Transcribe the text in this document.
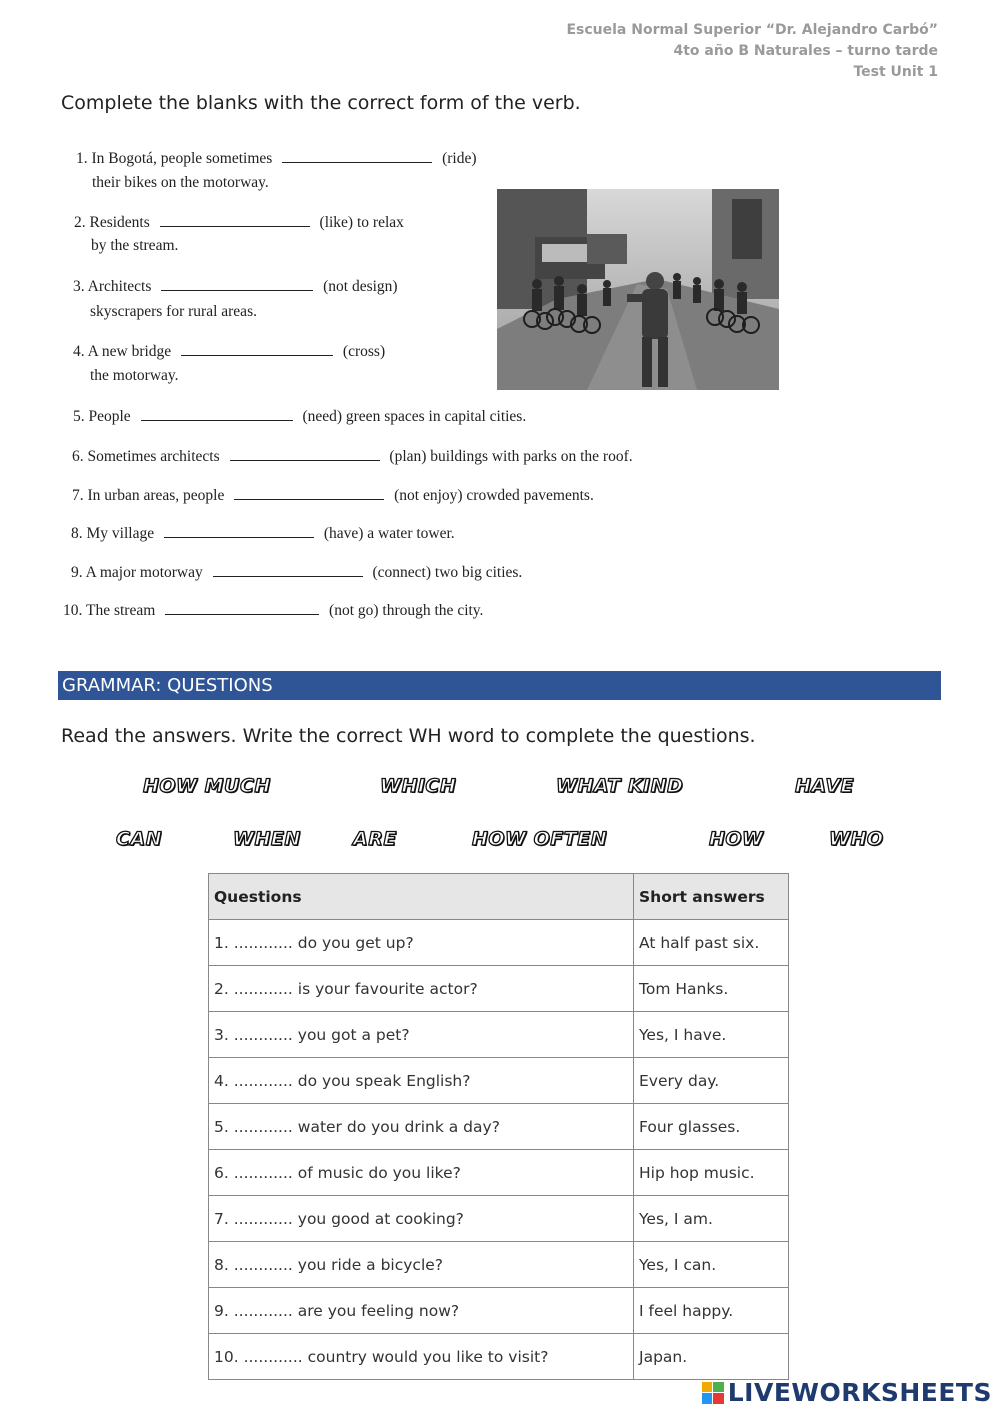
Escuela Normal Superior “Dr. Alejandro Carbó”
4to año B Naturales – turno tarde
Test Unit 1
Complete the blanks with the correct form of the verb.
1. In Bogotá, people sometimes	(ride)
their bikes on the motorway.
2. Residents	(like) to relax
by the stream.
3. Architects	(not design)
skyscrapers for rural areas.
4. A new bridge	(cross)
the motorway.
5. People	(need) green spaces in capital cities.
6. Sometimes architects	(plan) buildings with parks on the roof.
7. In urban areas, people	(not enjoy) crowded pavements.
8. My village	(have) a water tower.
9. A major motorway	(connect) two big cities.
10. The stream	(not go) through the city.
GRAMMAR: QUESTIONS
Read the answers. Write the correct WH word to complete the questions.
HOW MUCH	WHICH	WHAT KIND	HAVE
CAN	WHEN	ARE	HOW OFTEN	HOW	WHO
Questions	Short answers
1. ............ do you get up?	At half past six.
2. ............ is your favourite actor?	Tom Hanks.
3. ............ you got a pet?	Yes, I have.
4. ............ do you speak English?	Every day.
5. ............ water do you drink a day?	Four glasses.
6. ............ of music do you like?	Hip hop music.
7. ............ you good at cooking?	Yes, I am.
8. ............ you ride a bicycle?	Yes, I can.
9. ............ are you feeling now?	I feel happy.
10. ............ country would you like to visit?	Japan.
LIVEWORKSHEETS
